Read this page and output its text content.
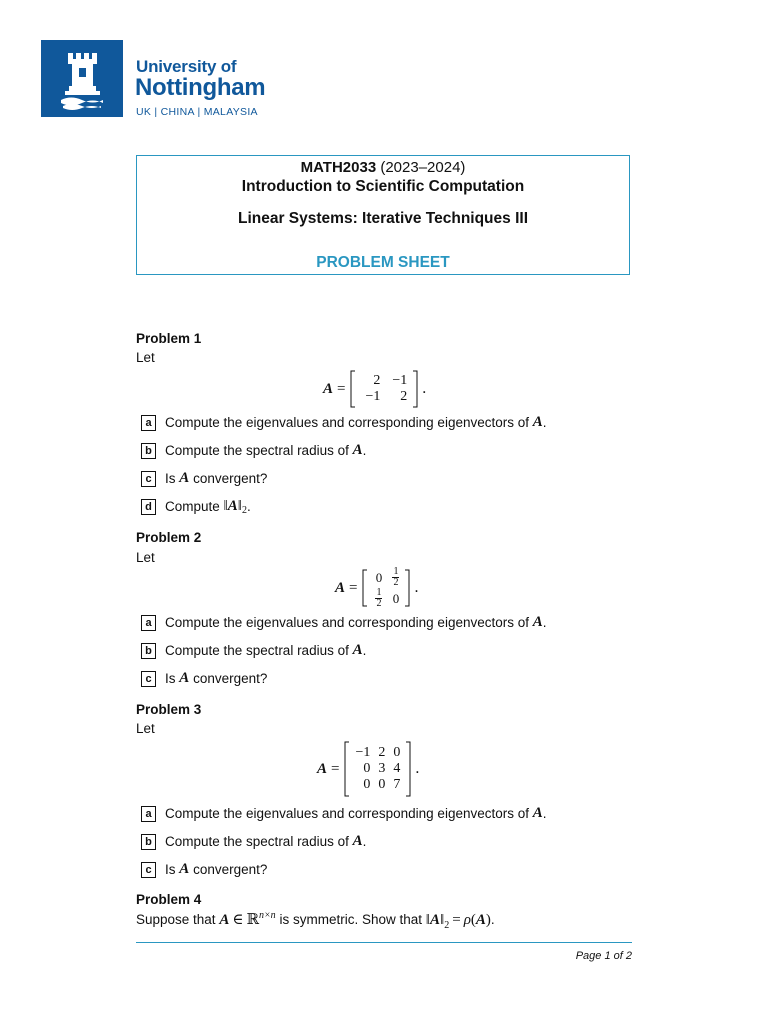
University of
Nottingham
UK | CHINA | MALAYSIA
MATH2033 (2023–2024)
Introduction to Scientific Computation
Linear Systems: Iterative Techniques III
PROBLEM SHEET
Problem 1
Let
A = 2	−1
−1	2 .
a Compute the eigenvalues and corresponding eigenvectors of
A .
b Compute the spectral radius of
A .
c Is
A
convergent?
d Compute
‖ A ‖ 2 .
Problem 2
Let
A =
0	$\frac{1}{2}$

$\frac{1}{2}$	0
.
a Compute the eigenvalues and corresponding eigenvectors of
A .
b Compute the spectral radius of
A .
c Is
A
convergent?
Problem 3
Let
A =
−1	2	0
0	3	4
0	0	7
.
a Compute the eigenvalues and corresponding eigenvectors of
A .
b Compute the spectral radius of
A .
c Is
A
convergent?
Problem 4
Suppose that
A ∈ ℝ n×n
is symmetric. Show that
‖ A ‖ 2 = ρ ( A ) .
Page 1 of 2
